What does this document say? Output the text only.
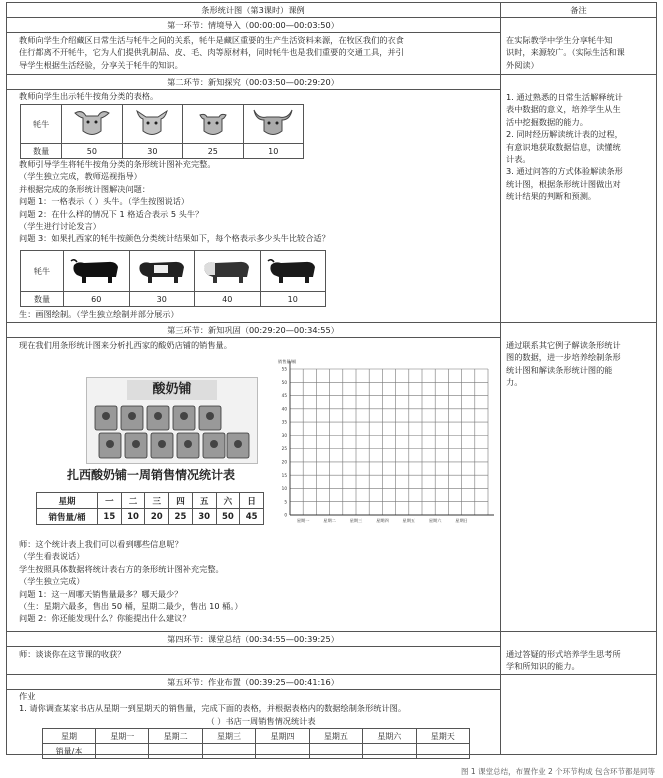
条形统计图（第3课时）课例	备注
第一环节：情境导入（00:00:00—00:03:50）
教师向学生介绍藏区日常生活与牦牛之间的关系，牦牛是藏区重要的生产生活资料来源，在牧区我们的衣食
住行都离不开牦牛，它为人们提供乳制品、皮、毛、肉等原材料，同时牦牛也是我们重要的交通工具，并引
导学生根据生活经验，分享关于牦牛的知识。
在实际教学中学生分享牦牛知
识时，来源较广。（实际生活和课
外阅读）
第二环节：新知探究（00:03:50—00:29:20）
教师向学生出示牦牛按角分类的表格。
牦牛				
数量	50	30	25	10
教师引导学生将牦牛按角分类的条形统计图补充完整。
（学生独立完成，教师巡视指导）
并根据完成的条形统计图解决问题：
问题 1：一格表示（ ）头牛。（学生按图说话）
问题 2：在什么样的情况下 1 格适合表示 5 头牛？
（学生进行讨论发言）
问题 3：如果扎西家的牦牛按颜色分类统计结果如下，每个格表示多少头牛比较合适？
牦牛				
数量	60	30	40	10
生：画图绘制。（学生独立绘制并部分展示）
1. 通过熟悉的日常生活解释统计
表中数据的意义，培养学生从生
活中挖掘数据的能力。
2. 同时经历解读统计表的过程，
有意识地获取数据信息，读懂统
计表。
3. 通过问答的方式体验解读条形
统计图，根据条形统计图做出对
统计结果的判断和预测。
第三环节：新知巩固（00:29:20—00:34:55）
现在我们用条形统计图来分析扎西家的酸奶店铺的销售量。
酸奶铺
扎西酸奶铺一周销售情况统计表
星期	一	二	三	四	五	六	日
销售量/桶	15	10	20	25	30	50	45
销售量/桶
55
50
45
40
35
30
25
20
15
10
5
0
星期一	星期二	星期三	星期四	星期五	星期六	星期日
师：这个统计表上我们可以看到哪些信息呢？
（学生看表说话）
学生按照具体数据将统计表右方的条形统计图补充完整。
（学生独立完成）
问题 1：这一周哪天销售量最多？哪天最少？
（生：星期六最多，售出 50 桶，星期二最少，售出 10 桶。）
问题 2：你还能发现什么？你能提出什么建议？
通过联系其它例子解读条形统计
图的数据，进一步培养绘制条形
统计图和解读条形统计图的能
力。
第四环节：课堂总结（00:34:55—00:39:25）
师：谈谈你在这节课的收获？	通过答疑的形式培养学生思考所
学和所知识的能力。
第五环节：作业布置（00:39:25—00:41:16）
作业
1. 请你调查某家书店从星期一到星期天的销售量，完成下面的表格，并根据表格内的数据绘制条形统计图。
（ ）书店一周销售情况统计表
星期	星期一	星期二	星期三	星期四	星期五	星期六	星期天
销量/本							
图 1 课堂总结，布置作业 2 个环节构成 包含环节都是同等
